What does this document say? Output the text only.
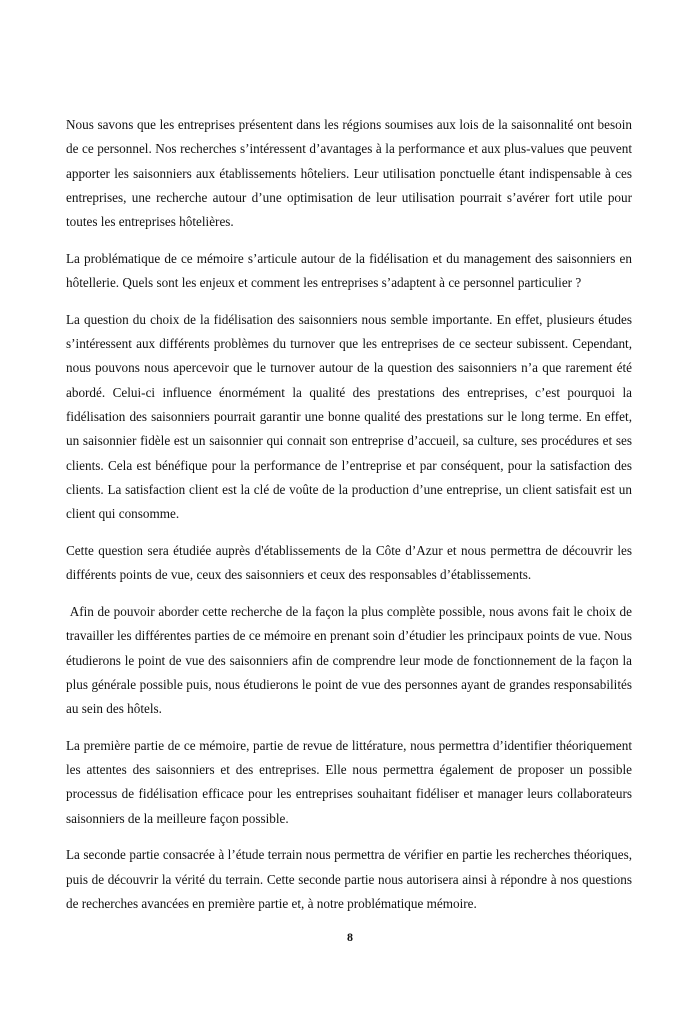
Nous savons que les entreprises présentent dans les régions soumises aux lois de la saisonnalité ont besoin de ce personnel. Nos recherches s’intéressent d’avantages à la performance et aux plus-values que peuvent apporter les saisonniers aux établissements hôteliers. Leur utilisation ponctuelle étant indispensable à ces entreprises, une recherche autour d’une optimisation de leur utilisation pourrait s’avérer fort utile pour toutes les entreprises hôtelières.

La problématique de ce mémoire s’articule autour de la fidélisation et du management des saisonniers en hôtellerie. Quels sont les enjeux et comment les entreprises s’adaptent à ce personnel particulier ?

La question du choix de la fidélisation des saisonniers nous semble importante. En effet, plusieurs études s’intéressent aux différents problèmes du turnover que les entreprises de ce secteur subissent. Cependant, nous pouvons nous apercevoir que le turnover autour de la question des saisonniers n’a que rarement été abordé. Celui-ci influence énormément la qualité des prestations des entreprises, c’est pourquoi la fidélisation des saisonniers pourrait garantir une bonne qualité des prestations sur le long terme. En effet, un saisonnier fidèle est un saisonnier qui connait son entreprise d’accueil, sa culture, ses procédures et ses clients. Cela est bénéfique pour la performance de l’entreprise et par conséquent, pour la satisfaction des clients. La satisfaction client est la clé de voûte de la production d’une entreprise, un client satisfait est un client qui consomme.

Cette question sera étudiée auprès d'établissements de la Côte d’Azur et nous permettra de découvrir les différents points de vue, ceux des saisonniers et ceux des responsables d’établissements.

Afin de pouvoir aborder cette recherche de la façon la plus complète possible, nous avons fait le choix de travailler les différentes parties de ce mémoire en prenant soin d’étudier les principaux points de vue. Nous étudierons le point de vue des saisonniers afin de comprendre leur mode de fonctionnement de la façon la plus générale possible puis, nous étudierons le point de vue des personnes ayant de grandes responsabilités au sein des hôtels.

La première partie de ce mémoire, partie de revue de littérature, nous permettra d’identifier théoriquement les attentes des saisonniers et des entreprises. Elle nous permettra également de proposer un possible processus de fidélisation efficace pour les entreprises souhaitant fidéliser et manager leurs collaborateurs saisonniers de la meilleure façon possible.

La seconde partie consacrée à l’étude terrain nous permettra de vérifier en partie les recherches théoriques, puis de découvrir la vérité du terrain. Cette seconde partie nous autorisera ainsi à répondre à nos questions de recherches avancées en première partie et, à notre problématique mémoire.

8
